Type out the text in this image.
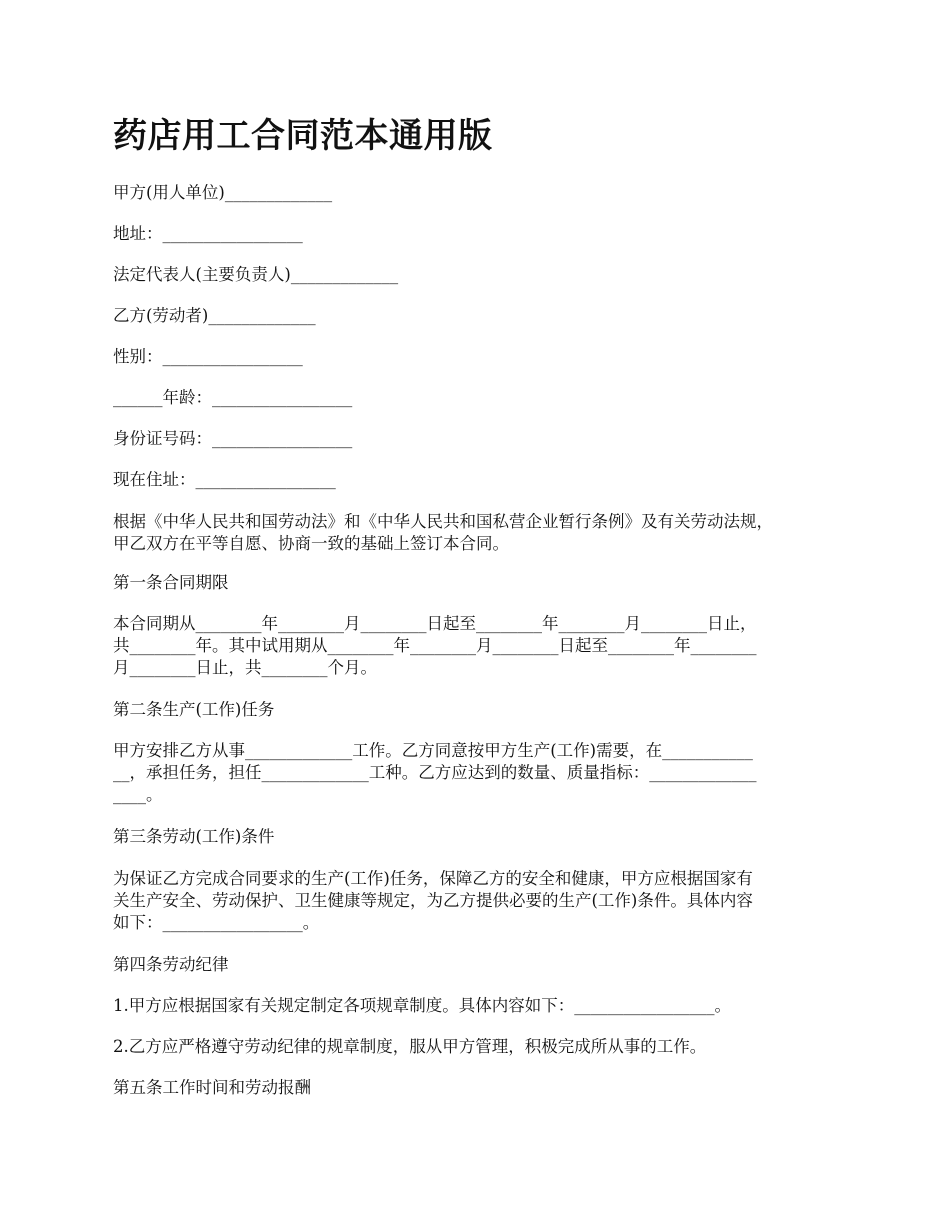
药店用工合同范本通用版

甲方(用人单位)_____________

地址：_________________

法定代表人(主要负责人)_____________

乙方(劳动者)_____________

性别：_________________

______年龄：_________________

身份证号码：_________________

现在住址：_________________

根据《中华人民共和国劳动法》和《中华人民共和国私营企业暂行条例》及有关劳动法规，

甲乙双方在平等自愿、协商一致的基础上签订本合同。

第一条合同期限

本合同期从________年________月________日起至________年________月________日止，

共________年。其中试用期从________年________月________日起至________年________

月________日止，共________个月。

第二条生产(工作)任务

甲方安排乙方从事_____________工作。乙方同意按甲方生产(工作)需要，在___________

__，承担任务，担任_____________工种。乙方应达到的数量、质量指标：_____________

____。

第三条劳动(工作)条件

为保证乙方完成合同要求的生产(工作)任务，保障乙方的安全和健康，甲方应根据国家有

关生产安全、劳动保护、卫生健康等规定，为乙方提供必要的生产(工作)条件。具体内容

如下：_________________。

第四条劳动纪律

1.甲方应根据国家有关规定制定各项规章制度。具体内容如下：_________________。

2.乙方应严格遵守劳动纪律的规章制度，服从甲方管理，积极完成所从事的工作。

第五条工作时间和劳动报酬
